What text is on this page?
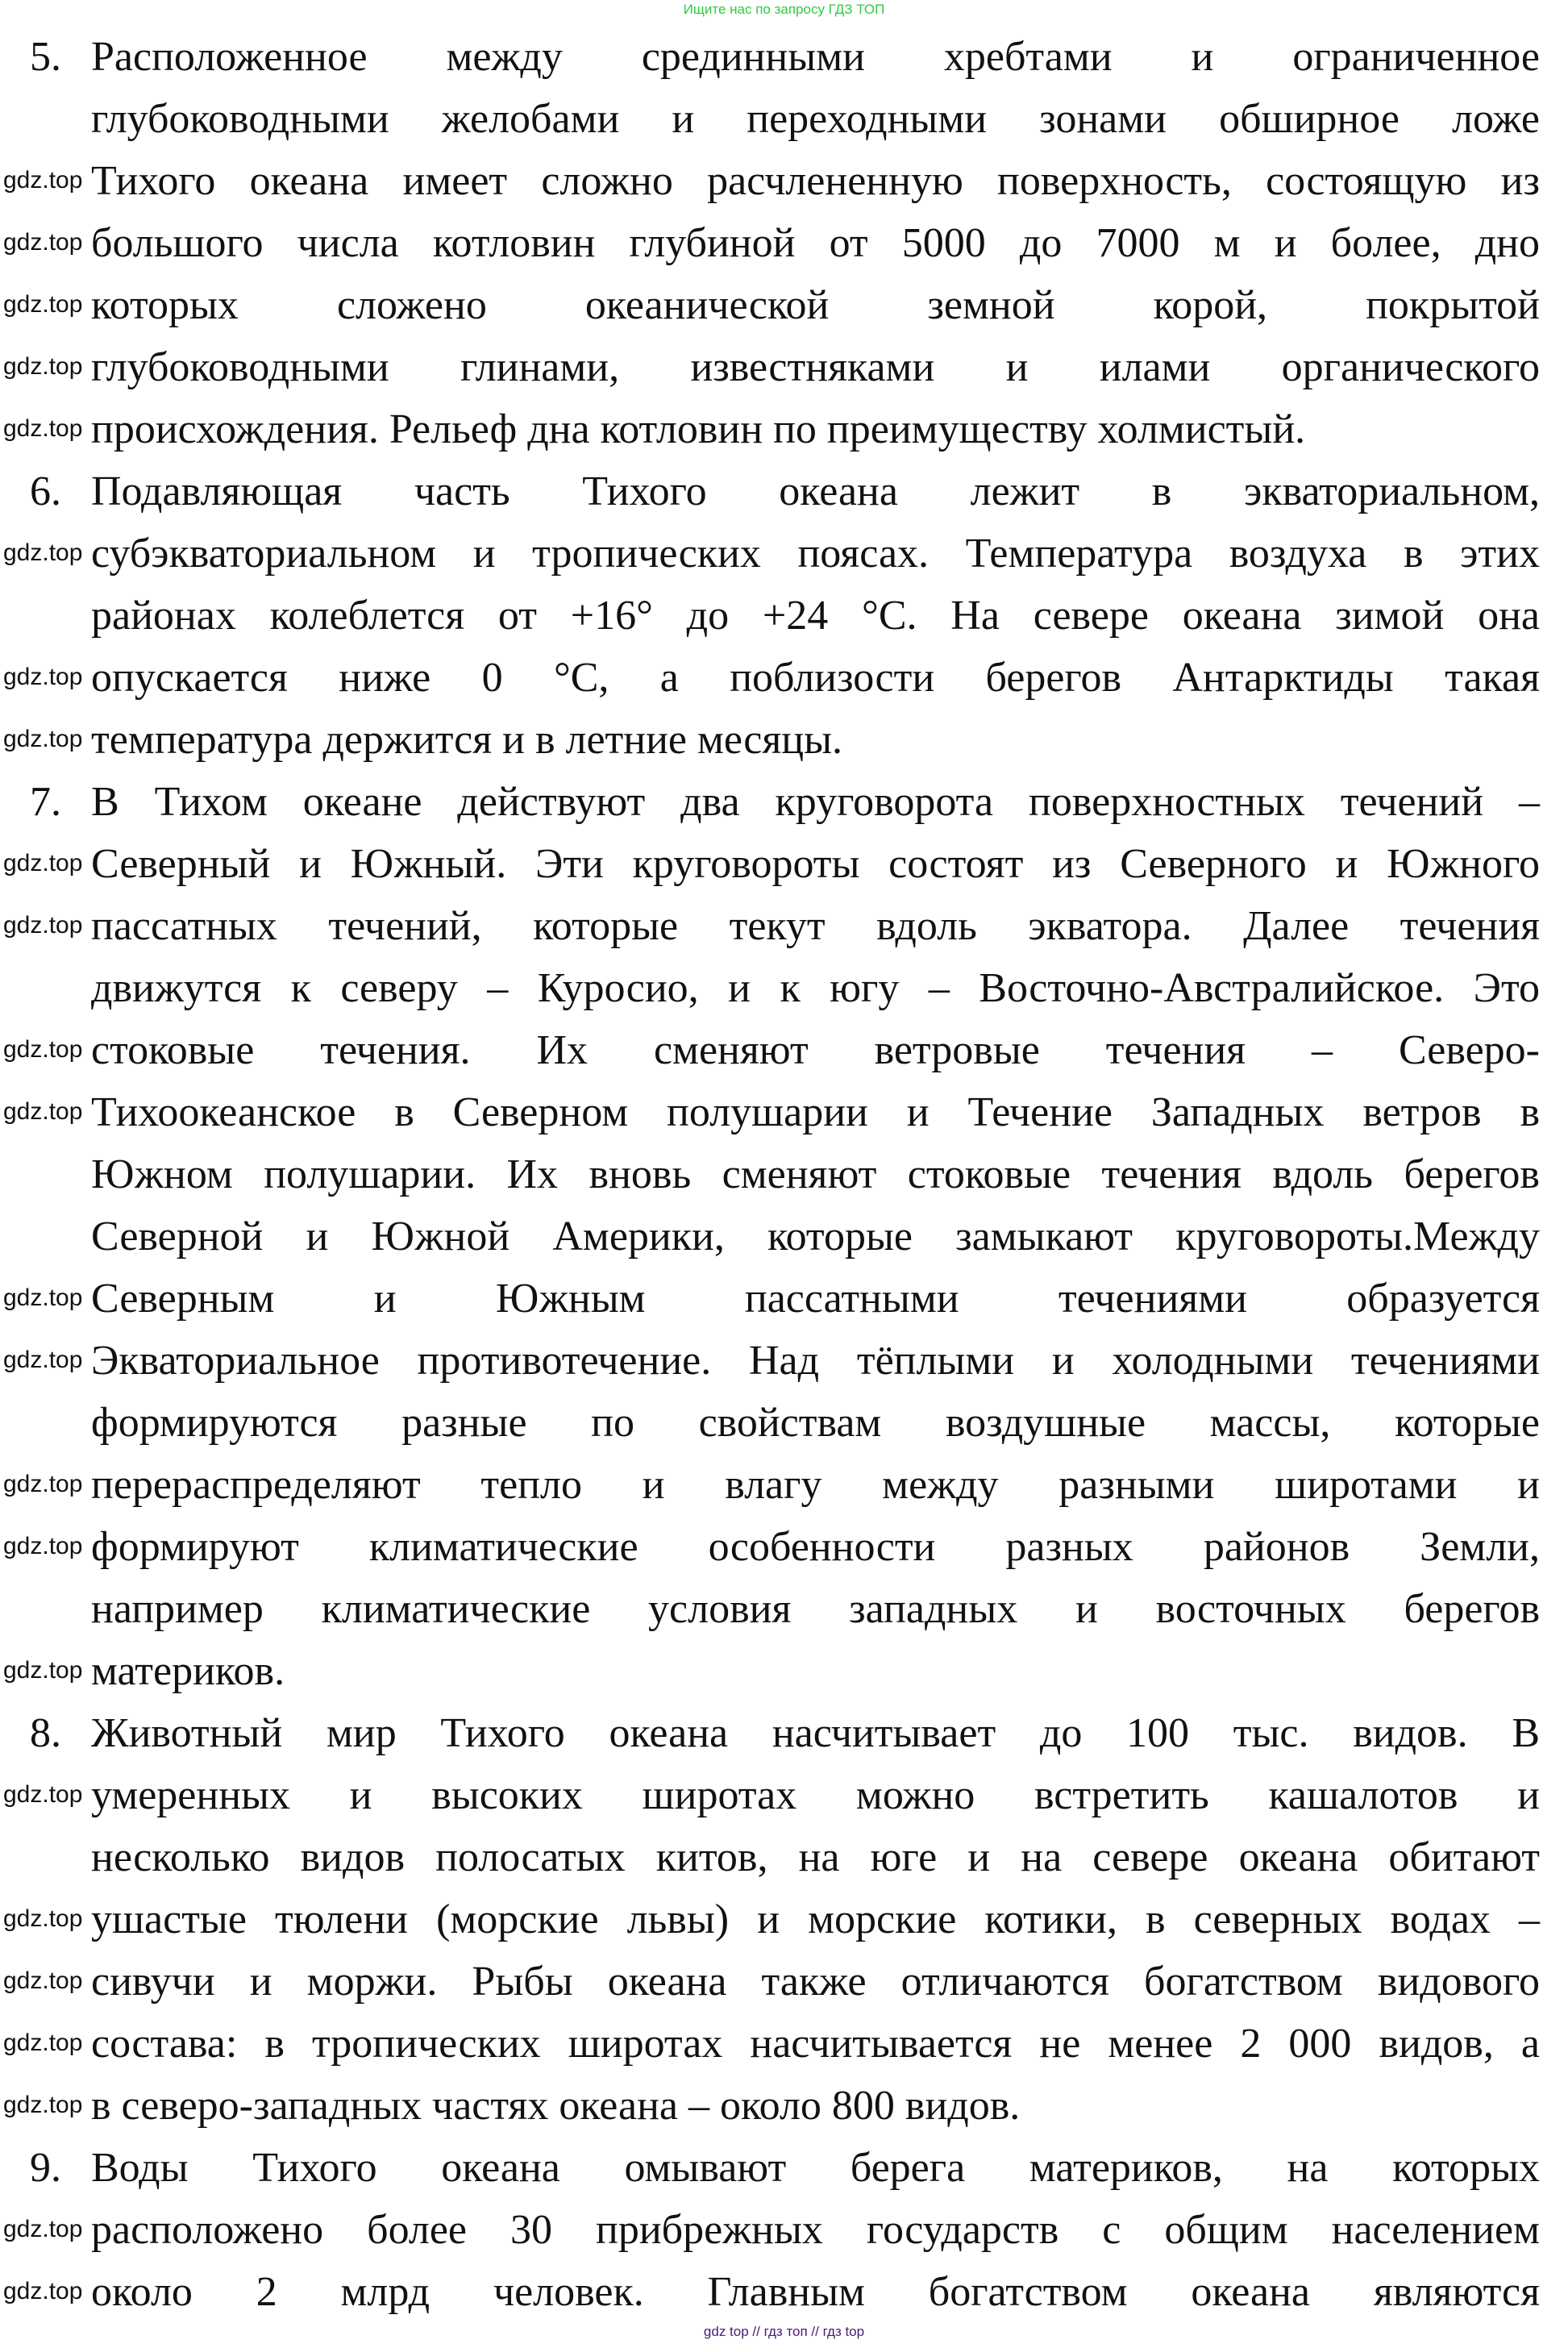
Ищите нас по запросу ГДЗ ТОП
5. Расположенное между срединными хребтами и ограниченное
глубоководными желобами и переходными зонами обширное ложе
Тихого океана имеет сложно расчлененную поверхность, состоящую из
большого числа котловин глубиной от 5000 до 7000 м и более, дно
которых сложено океанической земной корой, покрытой
глубоководными глинами, известняками и илами органического
происхождения. Рельеф дна котловин по преимуществу холмистый.
6. Подавляющая часть Тихого океана лежит в экваториальном,
субэкваториальном и тропических поясах. Температура воздуха в этих
районах колеблется от +16° до +24 °С. На севере океана зимой она
опускается ниже 0 °С, а поблизости берегов Антарктиды такая
температура держится и в летние месяцы.
7. В Тихом океане действуют два круговорота поверхностных течений –
Северный и Южный. Эти круговороты состоят из Северного и Южного
пассатных течений, которые текут вдоль экватора. Далее течения
движутся к северу – Куросио, и к югу – Восточно-Австралийское. Это
стоковые течения. Их сменяют ветровые течения – Северо-
Тихоокеанское в Северном полушарии и Течение Западных ветров в
Южном полушарии. Их вновь сменяют стоковые течения вдоль берегов
Северной и Южной Америки, которые замыкают круговороты.Между
Северным и Южным пассатными течениями образуется
Экваториальное противотечение. Над тёплыми и холодными течениями
формируются разные по свойствам воздушные массы, которые
перераспределяют тепло и влагу между разными широтами и
формируют климатические особенности разных районов Земли,
например климатические условия западных и восточных берегов
материков.
8. Животный мир Тихого океана насчитывает до 100 тыс. видов. В
умеренных и высоких широтах можно встретить кашалотов и
несколько видов полосатых китов, на юге и на севере океана обитают
ушастые тюлени (морские львы) и морские котики, в северных водах –
сивучи и моржи. Рыбы океана также отличаются богатством видового
состава: в тропических широтах насчитывается не менее 2 000 видов, а
в северо-западных частях океана – около 800 видов.
9. Воды Тихого океана омывают берега материков, на которых
расположено более 30 прибрежных государств с общим населением
около 2 млрд человек. Главным богатством океана являются
gdz.top
gdz.top
gdz.top
gdz.top
gdz.top
gdz.top
gdz.top
gdz.top
gdz.top
gdz.top
gdz.top
gdz.top
gdz.top
gdz.top
gdz.top
gdz.top
gdz.top
gdz.top
gdz.top
gdz.top
gdz.top
gdz.top
gdz.top
gdz.top
gdz top // гдз топ // гдз top
